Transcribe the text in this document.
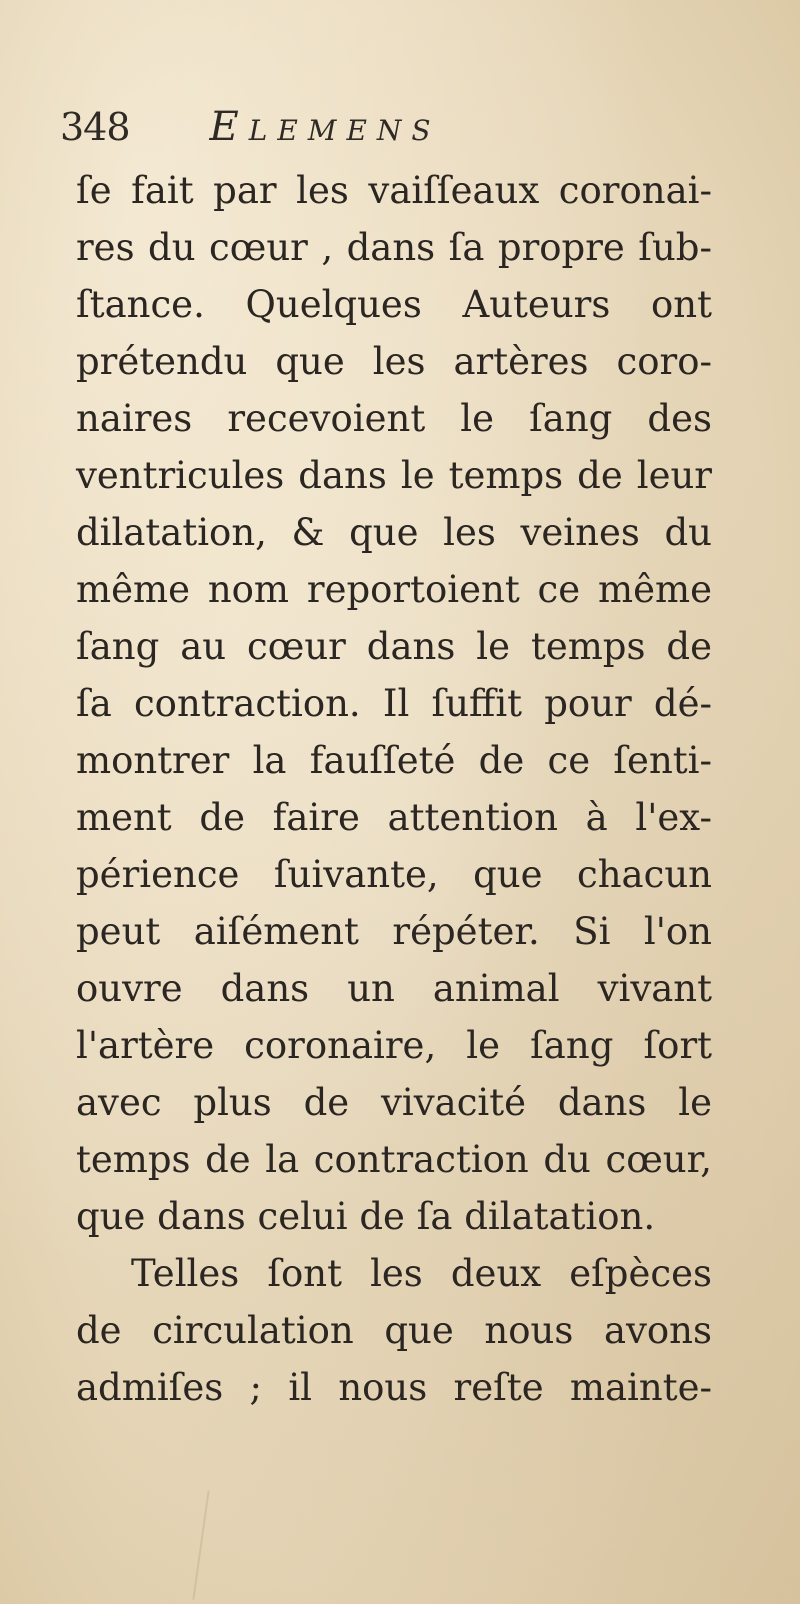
348 ELEMENS
ſe fait par les vaiſſeaux coronai-
res du cœur , dans ſa propre ſub-
ſtance. Quelques Auteurs ont
prétendu que les artères coro-
naires recevoient le ſang des
ventricules dans le temps de leur
dilatation, & que les veines du
même nom reportoient ce même
ſang au cœur dans le temps de
ſa contraction. Il ſuffit pour dé-
montrer la fauſſeté de ce ſenti-
ment de faire attention à l'ex-
périence ſuivante, que chacun
peut aiſément répéter. Si l'on
ouvre dans un animal vivant
l'artère coronaire, le ſang ſort
avec plus de vivacité dans le
temps de la contraction du cœur,
que dans celui de ſa dilatation.
Telles ſont les deux eſpèces
de circulation que nous avons
admiſes ; il nous reſte mainte-
